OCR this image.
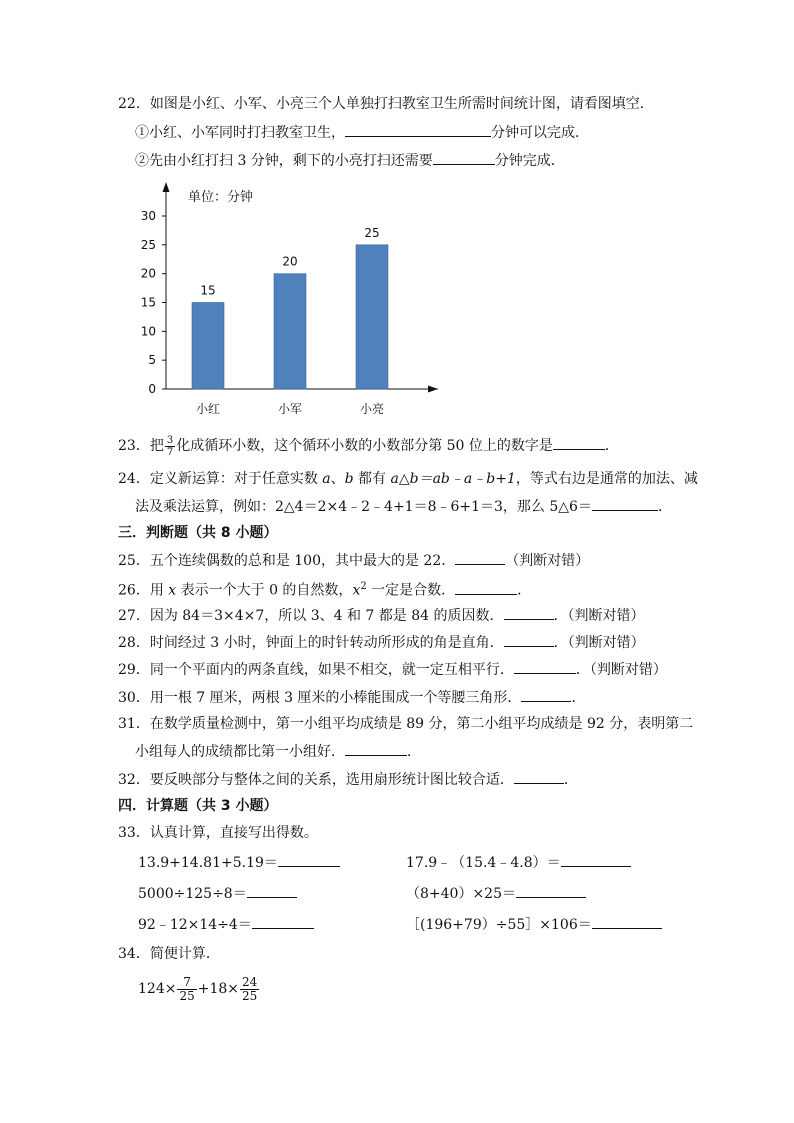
22．如图是小红、小军、小亮三个人单独打扫教室卫生所需时间统计图，请看图填空．
①小红、小军同时打扫教室卫生，	分钟可以完成．
②先由小红打扫 3 分钟，剩下的小亮打扫还需要	分钟完成．
0
5
10
15
20
25
30
单位：分钟
15
小红
20
小军
25
小亮
23．把 $\frac{3}{7}$ 化成循环小数，这个循环小数的小数部分第 50 位上的数字是	．
24．定义新运算：对于任意实数 a、b 都有 a△b＝ab﹣a﹣b+1，等式右边是通常的加法、减
法及乘法运算，例如：2△4＝2×4﹣2﹣4+1＝8﹣6+1＝3，那么 5△6＝	．
三．判断题（共 8 小题）
25．五个连续偶数的总和是 100，其中最大的是 22．	（判断对错）
26．用 x 表示一个大于 0 的自然数，$x^2$ 一定是合数．	．
27．因为 84＝3×4×7，所以 3、4 和 7 都是 84 的质因数．	．（判断对错）
28．时间经过 3 小时，钟面上的时针转动所形成的角是直角．	．（判断对错）
29．同一个平面内的两条直线，如果不相交，就一定互相平行．	．（判断对错）
30．用一根 7 厘米，两根 3 厘米的小棒能围成一个等腰三角形．	．
31．在数学质量检测中，第一小组平均成绩是 89 分，第二小组平均成绩是 92 分，表明第二
小组每人的成绩都比第一小组好．	．
32．要反映部分与整体之间的关系，选用扇形统计图比较合适．	．
四．计算题（共 3 小题）
33．认真计算，直接写出得数。
13.9+14.81+5.19＝	17.9﹣（15.4﹣4.8）＝
5000÷125÷8＝	（8+40）×25＝
92﹣12×14÷4＝	［(196+79）÷55］×106＝
34．简便计算．
$124\times \frac{7}{25} +18\times \frac{24}{25}$
